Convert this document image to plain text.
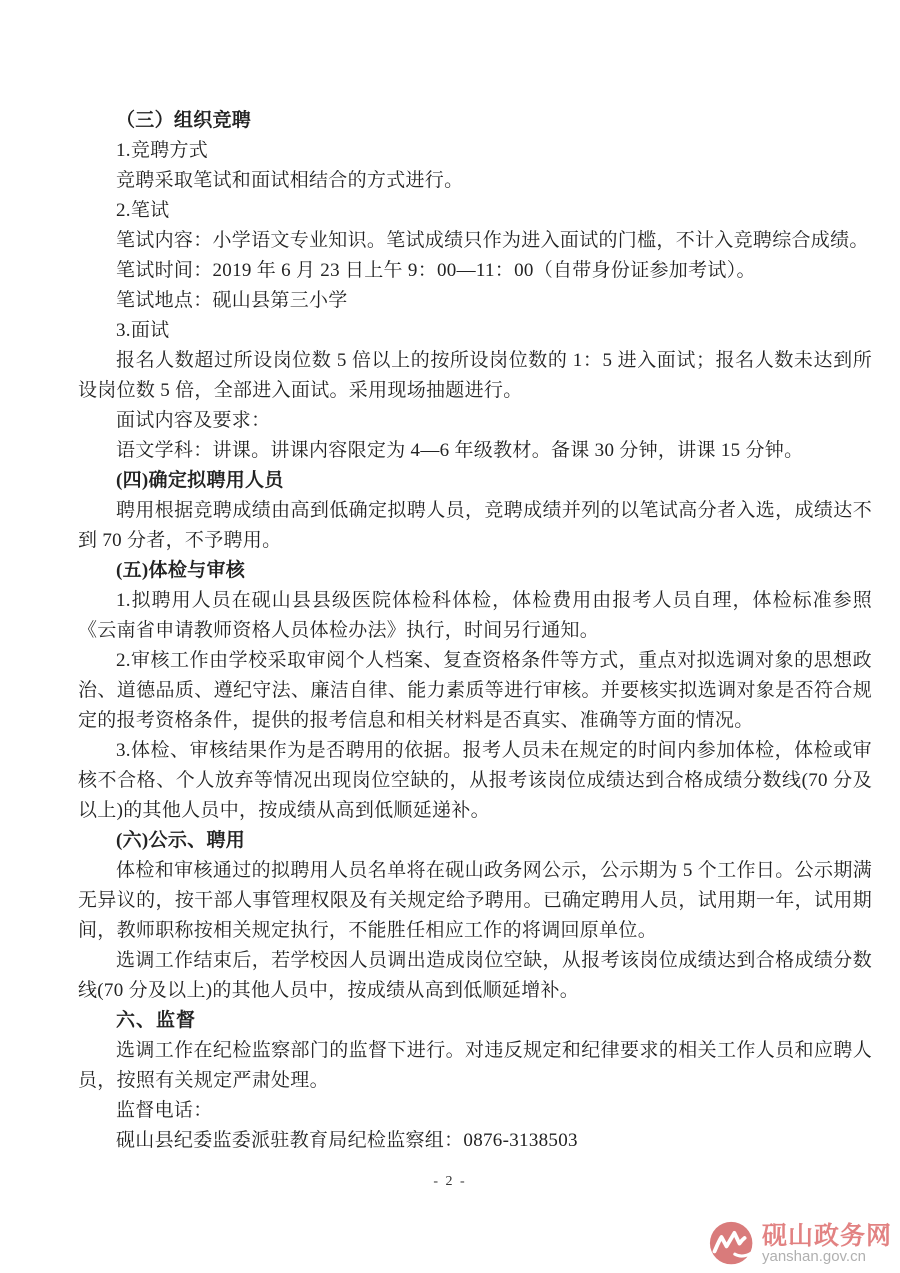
（三）组织竞聘

1.竞聘方式

竞聘采取笔试和面试相结合的方式进行。

2.笔试

笔试内容：小学语文专业知识。笔试成绩只作为进入面试的门槛，不计入竞聘综合成绩。

笔试时间：2019 年 6 月 23 日上午 9：00—11：00（自带身份证参加考试）。

笔试地点：砚山县第三小学

3.面试

报名人数超过所设岗位数 5 倍以上的按所设岗位数的 1：5 进入面试；报名人数未达到所设岗位数 5 倍，全部进入面试。采用现场抽题进行。

面试内容及要求：

语文学科：讲课。讲课内容限定为 4—6 年级教材。备课 30 分钟，讲课 15 分钟。

(四)确定拟聘用人员

聘用根据竞聘成绩由高到低确定拟聘人员，竞聘成绩并列的以笔试高分者入选，成绩达不到 70 分者，不予聘用。

(五)体检与审核

1.拟聘用人员在砚山县县级医院体检科体检，体检费用由报考人员自理，体检标准参照《云南省申请教师资格人员体检办法》执行，时间另行通知。

2.审核工作由学校采取审阅个人档案、复查资格条件等方式，重点对拟选调对象的思想政治、道德品质、遵纪守法、廉洁自律、能力素质等进行审核。并要核实拟选调对象是否符合规定的报考资格条件，提供的报考信息和相关材料是否真实、准确等方面的情况。

3.体检、审核结果作为是否聘用的依据。报考人员未在规定的时间内参加体检，体检或审核不合格、个人放弃等情况出现岗位空缺的，从报考该岗位成绩达到合格成绩分数线(70 分及以上)的其他人员中，按成绩从高到低顺延递补。

(六)公示、聘用

体检和审核通过的拟聘用人员名单将在砚山政务网公示，公示期为 5 个工作日。公示期满无异议的，按干部人事管理权限及有关规定给予聘用。已确定聘用人员，试用期一年，试用期间，教师职称按相关规定执行，不能胜任相应工作的将调回原单位。

选调工作结束后，若学校因人员调出造成岗位空缺，从报考该岗位成绩达到合格成绩分数线(70 分及以上)的其他人员中，按成绩从高到低顺延增补。

六、监督

选调工作在纪检监察部门的监督下进行。对违反规定和纪律要求的相关工作人员和应聘人员，按照有关规定严肃处理。

监督电话：

砚山县纪委监委派驻教育局纪检监察组：0876-3138503

- 2 -
砚山政务网
yanshan.gov.cn
